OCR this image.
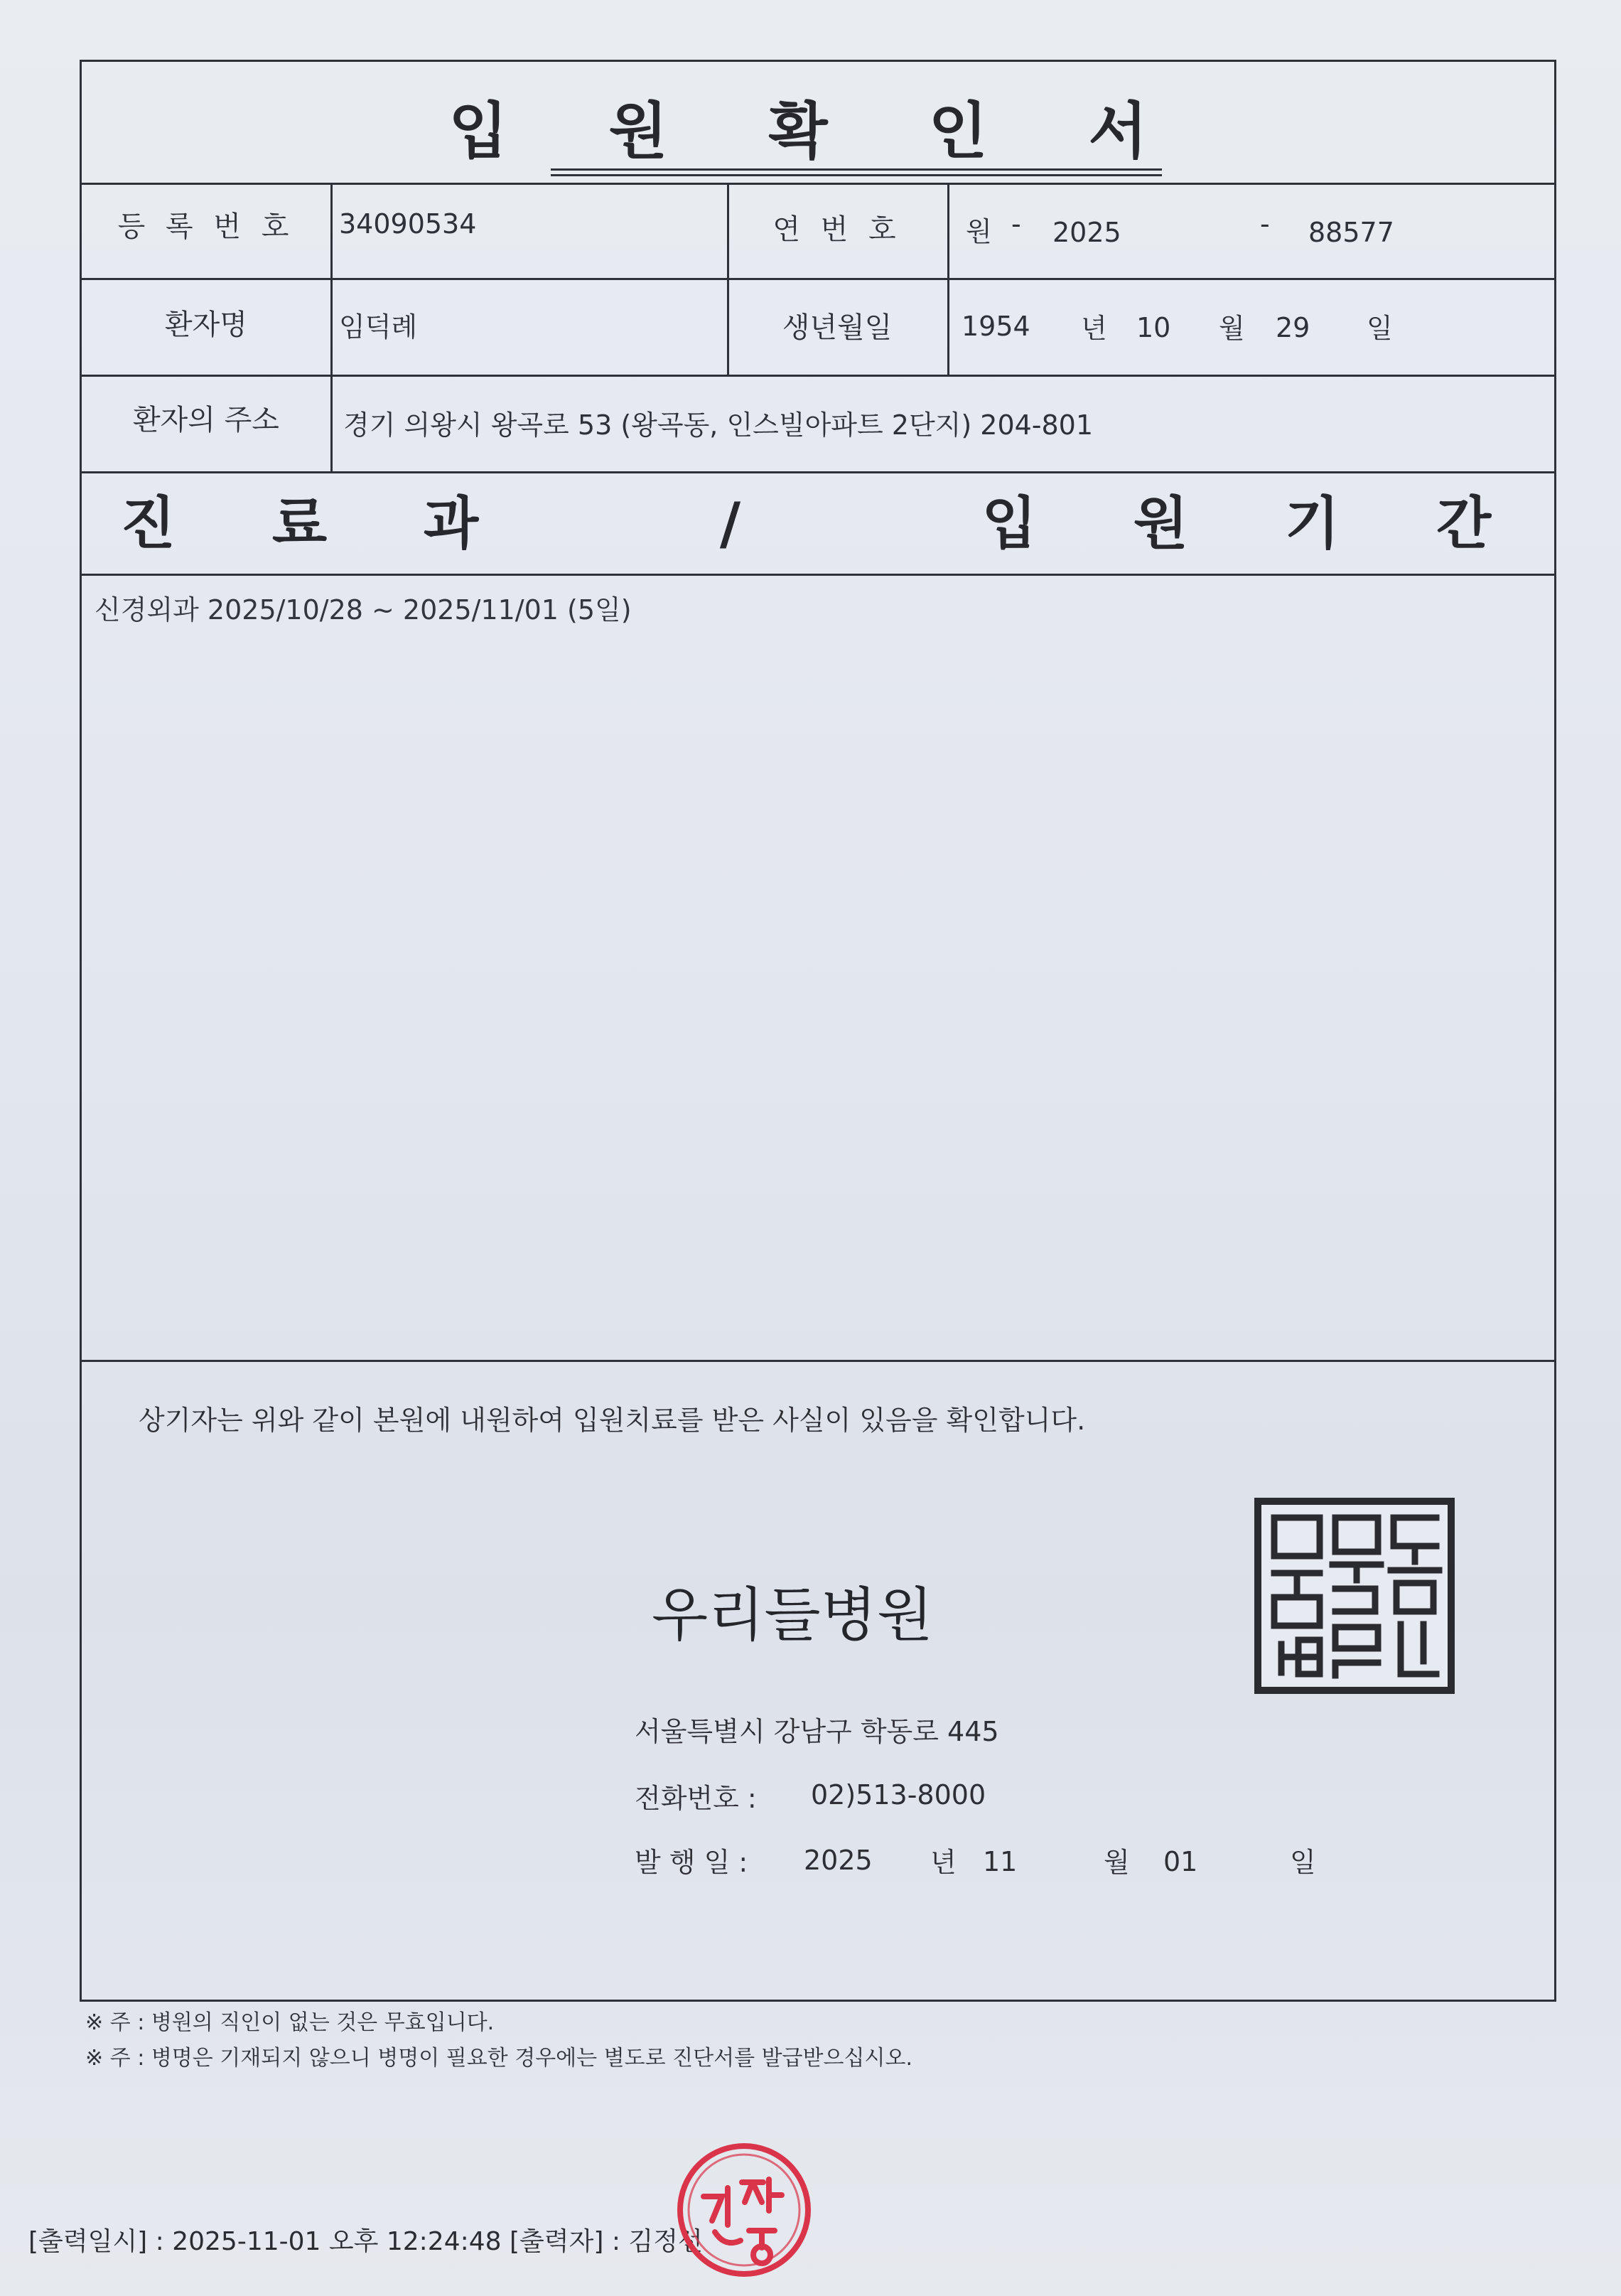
입 원 확 인 서
등 록 번 호	34090534	연 번 호	원 - 2025	- 88577
환자명	임덕례	생년월일	1954 년 10 월 29 일
환자의 주소	경기 의왕시 왕곡로 53 (왕곡동, 인스빌아파트 2단지) 204-801
진 료 과   /   입 원 기 간
신경외과 2025/10/28 ~ 2025/11/01 (5일)
상기자는 위와 같이 본원에 내원하여 입원치료를 받은 사실이 있음을 확인합니다.
우리들병원
서울특별시 강남구 학동로 445
전화번호 : 02)513-8000
발 행 일 : 2025 년 11	월 01	일
※ 주 : 병원의 직인이 없는 것은 무효입니다.
※ 주 : 병명은 기재되지 않으니 병명이 필요한 경우에는 별도로 진단서를 발급받으십시오.
[출력일시] : 2025-11-01 오후 12:24:48 [출력자] : 김정선
